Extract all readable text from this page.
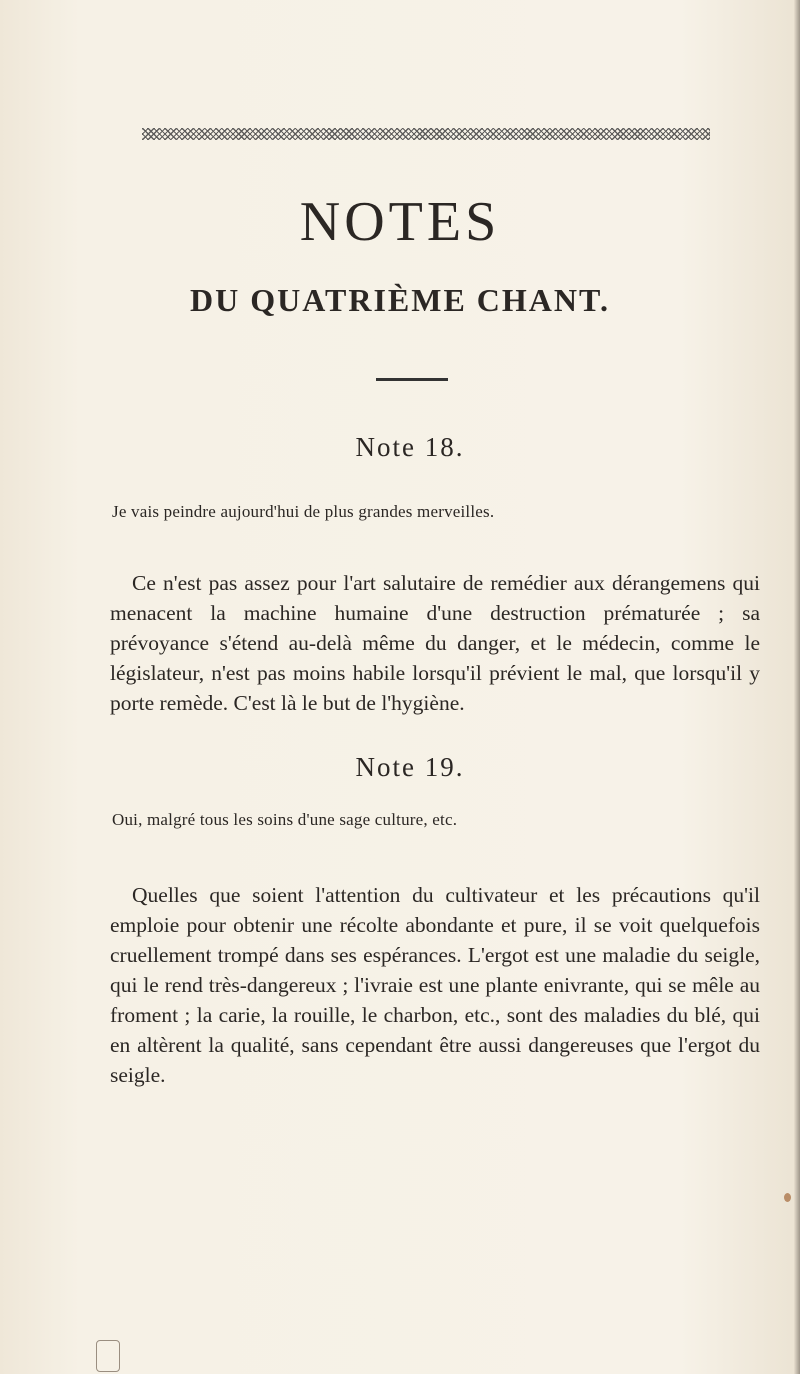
NOTES
DU QUATRIÈME CHANT.
Note 18.

Je vais peindre aujourd'hui de plus grandes merveilles.

Ce n'est pas assez pour l'art salutaire de remédier aux dérangemens qui menacent la machine humaine d'une destruction prématurée ; sa prévoyance s'étend au-delà même du danger, et le médecin, comme le législateur, n'est pas moins habile lorsqu'il prévient le mal, que lorsqu'il y porte remède. C'est là le but de l'hygiène.

Note 19.

Oui, malgré tous les soins d'une sage culture, etc.

Quelles que soient l'attention du cultivateur et les précautions qu'il emploie pour obtenir une récolte abondante et pure, il se voit quelquefois cruellement trompé dans ses espérances. L'ergot est une maladie du seigle, qui le rend très-dangereux ; l'ivraie est une plante enivrante, qui se mêle au froment ; la carie, la rouille, le charbon, etc., sont des maladies du blé, qui en altèrent la qualité, sans cependant être aussi dangereuses que l'ergot du seigle.
